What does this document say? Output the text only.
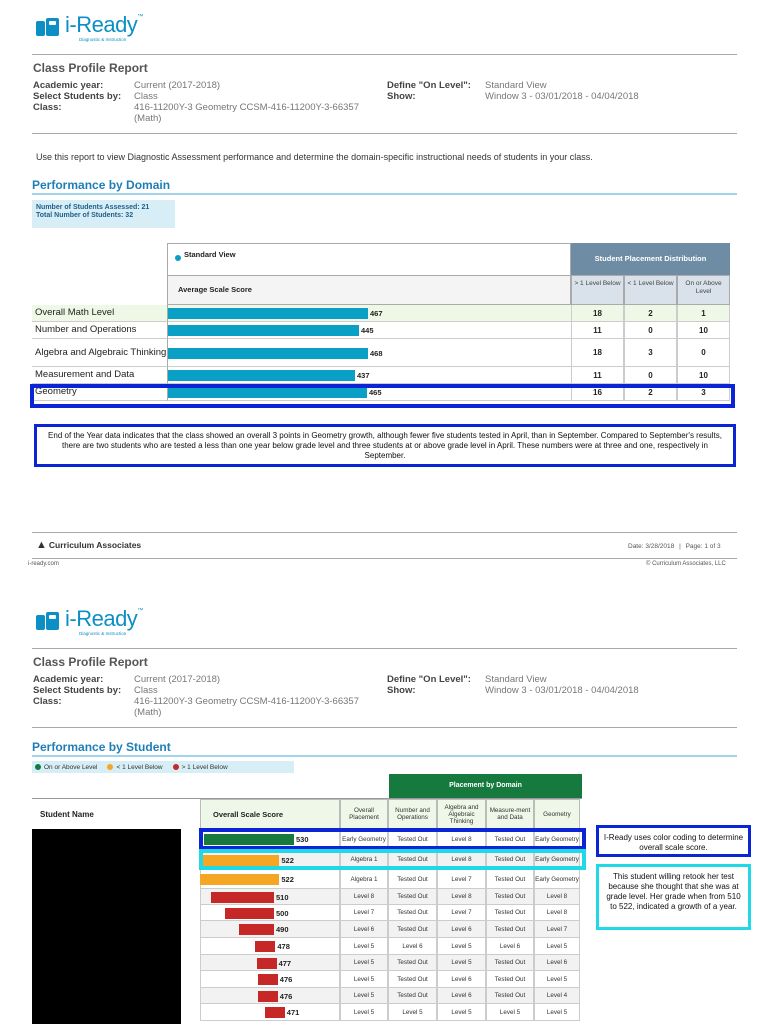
i-Ready™
Diagnostic & Instruction
Class Profile Report
Academic year:
Select Students by:
Class:
Current (2017-2018)
Class
416-11200Y-3 Geometry CCSM-416-11200Y-3-66357 (Math)
Define "On Level":
Show:
Standard View
Window 3 - 03/01/2018 - 04/04/2018
Use this report to view Diagnostic Assessment performance and determine the domain-specific instructional needs of students in your class.
Performance by Domain
Number of Students Assessed: 21
Total Number of Students: 32
Standard View
Average Scale Score
Student Placement Distribution
> 1 Level Below	< 1 Level Below	On or Above Level
Overall Math Level	467	18	2	1
Number and Operations	445	11	0	10
Algebra and Algebraic Thinking	468	18	3	0
Measurement and Data	437	11	0	10
Geometry	465	16	2	3
End of the Year data indicates that the class showed an overall 3 points in Geometry growth, although fewer five students tested in April, than in September. Compared to September's results, there are two students who are tested a less than one year below grade level and three students at or above grade level in April. These numbers were at three and one, respectively in September.
▲ Curriculum Associates
i-ready.com
Date: 3/28/2018 | Page: 1 of 3
© Curriculum Associates, LLC
i-Ready™
Diagnostic & Instruction
Class Profile Report
Academic year:
Select Students by:
Class:
Current (2017-2018)
Class
416-11200Y-3 Geometry CCSM-416-11200Y-3-66357 (Math)
Define "On Level":
Show:
Standard View
Window 3 - 03/01/2018 - 04/04/2018
Performance by Student
On or Above Level	< 1 Level Below	> 1 Level Below
Placement by Domain
Student Name	Overall Scale Score	Overall Placement
Number and Operations
Algebra and Algebraic Thinking
Measure-ment and Data	Geometry
530	Early Geometry	Tested Out	Level 8	Tested Out	Early Geometry
522	Algebra 1	Tested Out	Level 8	Tested Out	Early Geometry
522	Algebra 1	Tested Out	Level 7	Tested Out	Early Geometry
510	Level 8	Tested Out	Level 8	Tested Out	Level 8
500	Level 7	Tested Out	Level 7	Tested Out	Level 8
490	Level 6	Tested Out	Level 6	Tested Out	Level 7
478	Level 5	Level 6	Level 5	Level 6	Level 5
477	Level 5	Tested Out	Level 5	Tested Out	Level 6
476	Level 5	Tested Out	Level 6	Tested Out	Level 5
476	Level 5	Tested Out	Level 6	Tested Out	Level 4
471	Level 5	Level 5	Level 5	Level 5	Level 5
I-Ready uses color coding to determine overall scale score.
This student willing retook her test because she thought that she was at grade level. Her grade when from 510 to 522, indicated a growth of a year.
